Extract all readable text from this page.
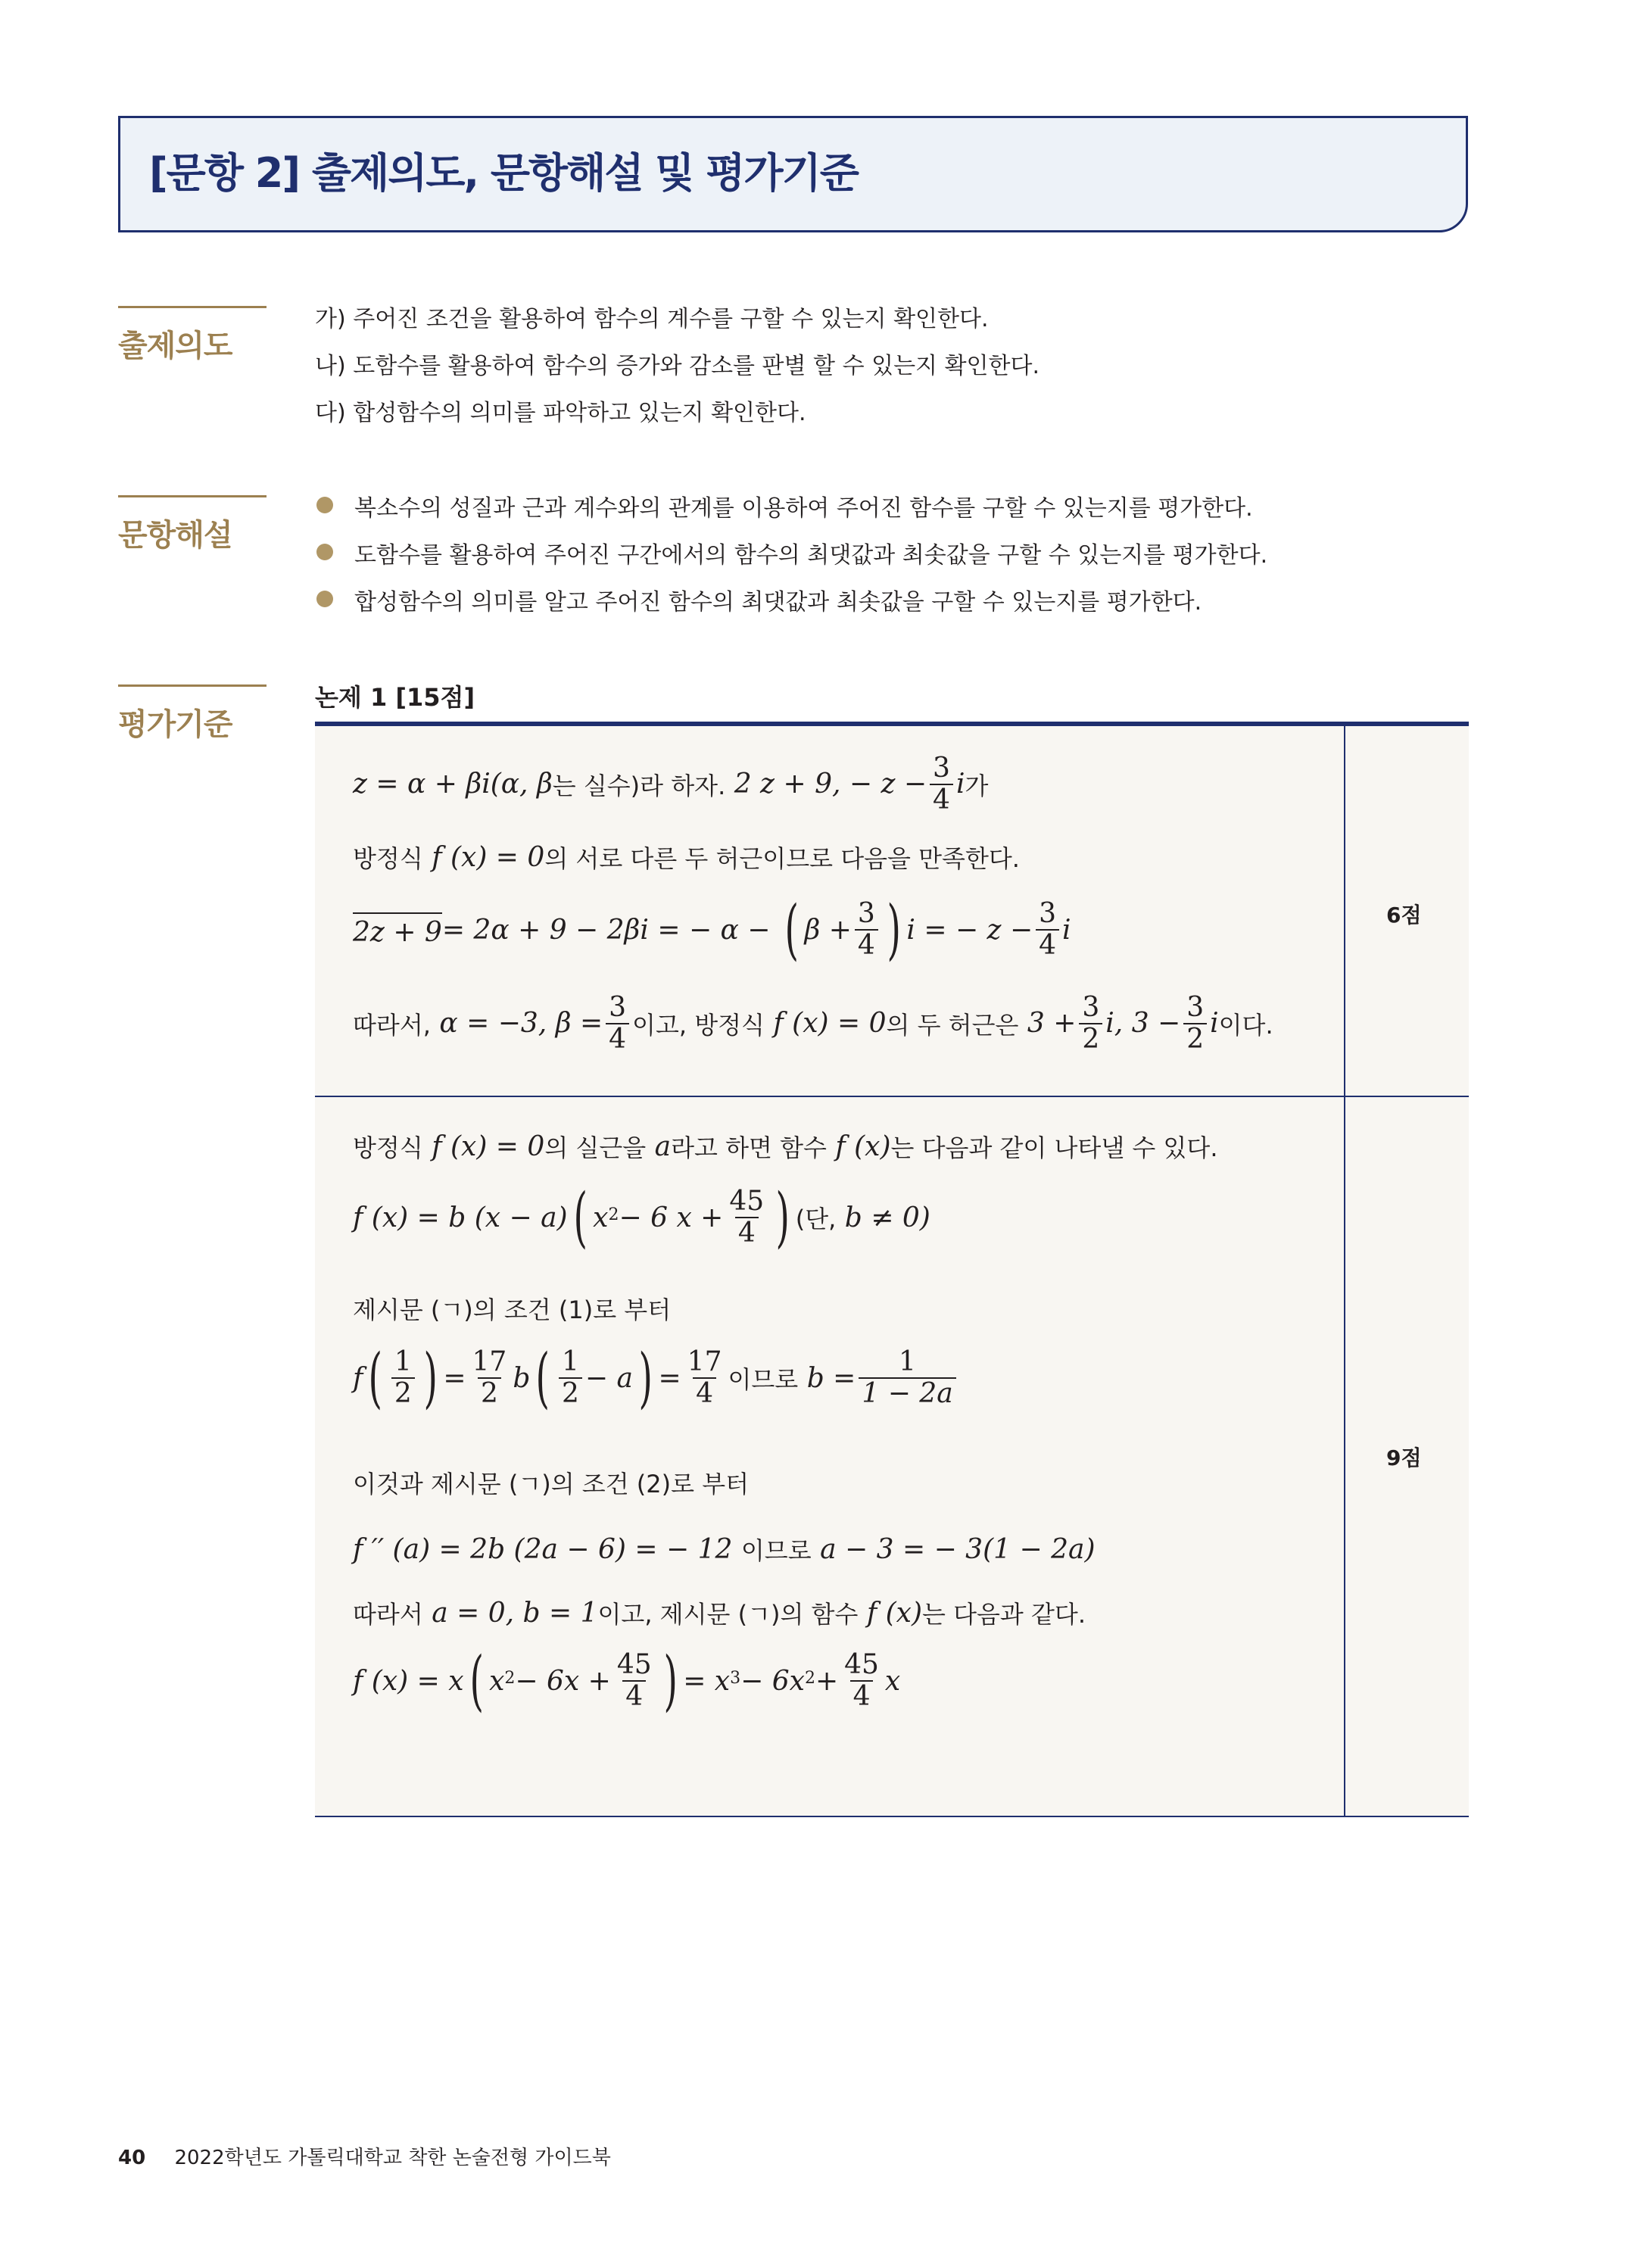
[문항 2] 출제의도, 문항해설 및 평가기준
출제의도
가) 주어진 조건을 활용하여 함수의 계수를 구할 수 있는지 확인한다.
나) 도함수를 활용하여 함수의 증가와 감소를 판별 할 수 있는지 확인한다.
다) 합성함수의 의미를 파악하고 있는지 확인한다.
문항해설
복소수의 성질과 근과 계수와의 관계를 이용하여 주어진 함수를 구할 수 있는지를 평가한다.
도함수를 활용하여 주어진 구간에서의 함수의 최댓값과 최솟값을 구할 수 있는지를 평가한다.
합성함수의 의미를 알고 주어진 함수의 최댓값과 최솟값을 구할 수 있는지를 평가한다.
평가기준
논제 1 [15점]
6점
9점
z = α + βi(α, β 는 실수)라 하자.
2 z + 9, − $z - \frac{3}{4}$ i 가
방정식
f (x) = 0 의 서로 다른 두 허근이므로 다음을 만족한다.
2z + 9 = 2α + 9 − 2βi = − α −
( $\beta + \frac{3}{4}$ ) i = − $z - \frac{3}{4}$ i
따라서,
α = −3, $\beta = \frac{3}{4}$ 이고, 방정식
f (x) = 0 의 두 허근은
$3 + \frac{3}{2} i$, $3 - \frac{3}{2}$ i 이다.
방정식
f (x) = 0 의 실근을
a 라고 하면 함수
f (x) 는 다음과 같이 나타낼 수 있다.
f (x) = b (x − a) ( $x^2 - 6$ $x + \frac{45}{4}$ ) (단,
b ≠ 0)
제시문 (ㄱ)의 조건 (1)로 부터
f ( $\frac{1}{2}$ ) = $\frac{17}{2}$ b ( $\frac{1}{2} - a$ ) = $\frac{17}{4}$ 이므로
$b = \frac{1}{1 - 2a}$
이것과 제시문 (ㄱ)의 조건 (2)로 부터
f ′′ (a) = 2b (2a − 6) = − 12
이므로
a − 3 = − 3(1 − 2a)
따라서
a = 0, b = 1 이고, 제시문 (ㄱ)의 함수
f (x) 는 다음과 같다.
f (x) = x ( $x^2 - 6x + \frac{45}{4}$ ) = $x^3 - 6x^2 + \frac{45}{4}$ x
40 2022학년도 가톨릭대학교 착한 논술전형 가이드북
